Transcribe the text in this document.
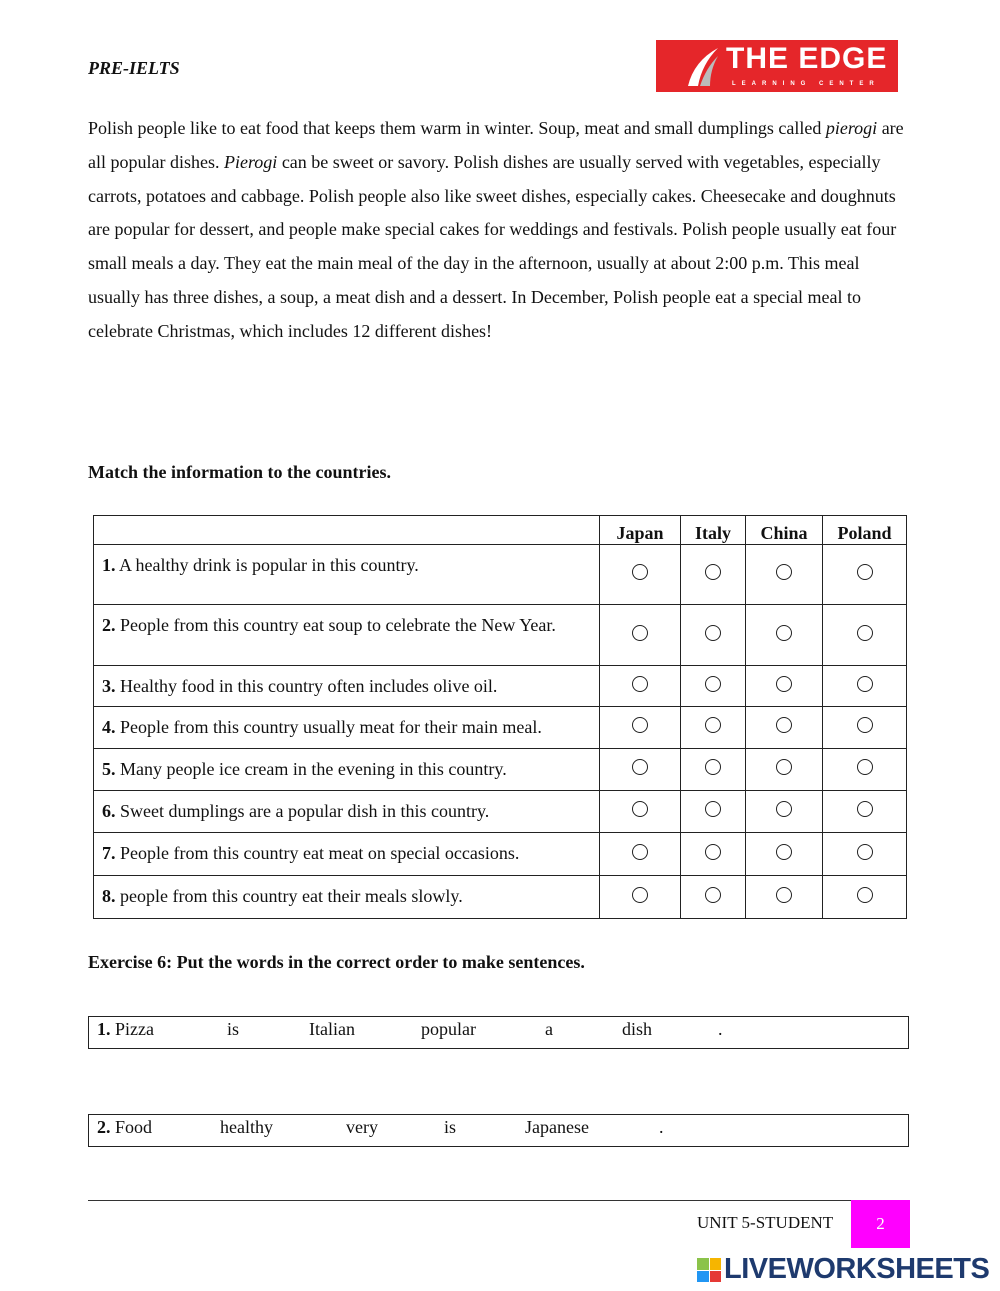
PRE-IELTS	THE EDGE
LEARNING CENTER

Polish people like to eat food that keeps them warm in winter. Soup, meat and small dumplings called pierogi are all popular dishes. Pierogi can be sweet or savory. Polish dishes are usually served with vegetables, especially carrots, potatoes and cabbage. Polish people also like sweet dishes, especially cakes. Cheesecake and doughnuts are popular for dessert, and people make special cakes for weddings and festivals. Polish people usually eat four small meals a day. They eat the main meal of the day in the afternoon, usually at about 2:00 p.m. This meal usually has three dishes, a soup, a meat dish and a dessert. In December, Polish people eat a special meal to celebrate Christmas, which includes 12 different dishes!

Match the information to the countries.
	Japan	Italy	China	Poland
1. A healthy drink is popular in this country.				
2. People from this country eat soup to celebrate the New Year.				
3. Healthy food in this country often includes olive oil.				
4. People from this country usually meat for their main meal.				
5. Many people ice cream in the evening in this country.				
6. Sweet dumplings are a popular dish in this country.				
7. People from this country eat meat on special occasions.				
8. people from this country eat their meals slowly.				
Exercise 6: Put the words in the correct order to make sentences.
1. Pizza	is	Italian	popular	a	dish	.
2. Food	healthy	very	is	Japanese	.
UNIT 5-STUDENT	2
LIVEWORKSHEETS
